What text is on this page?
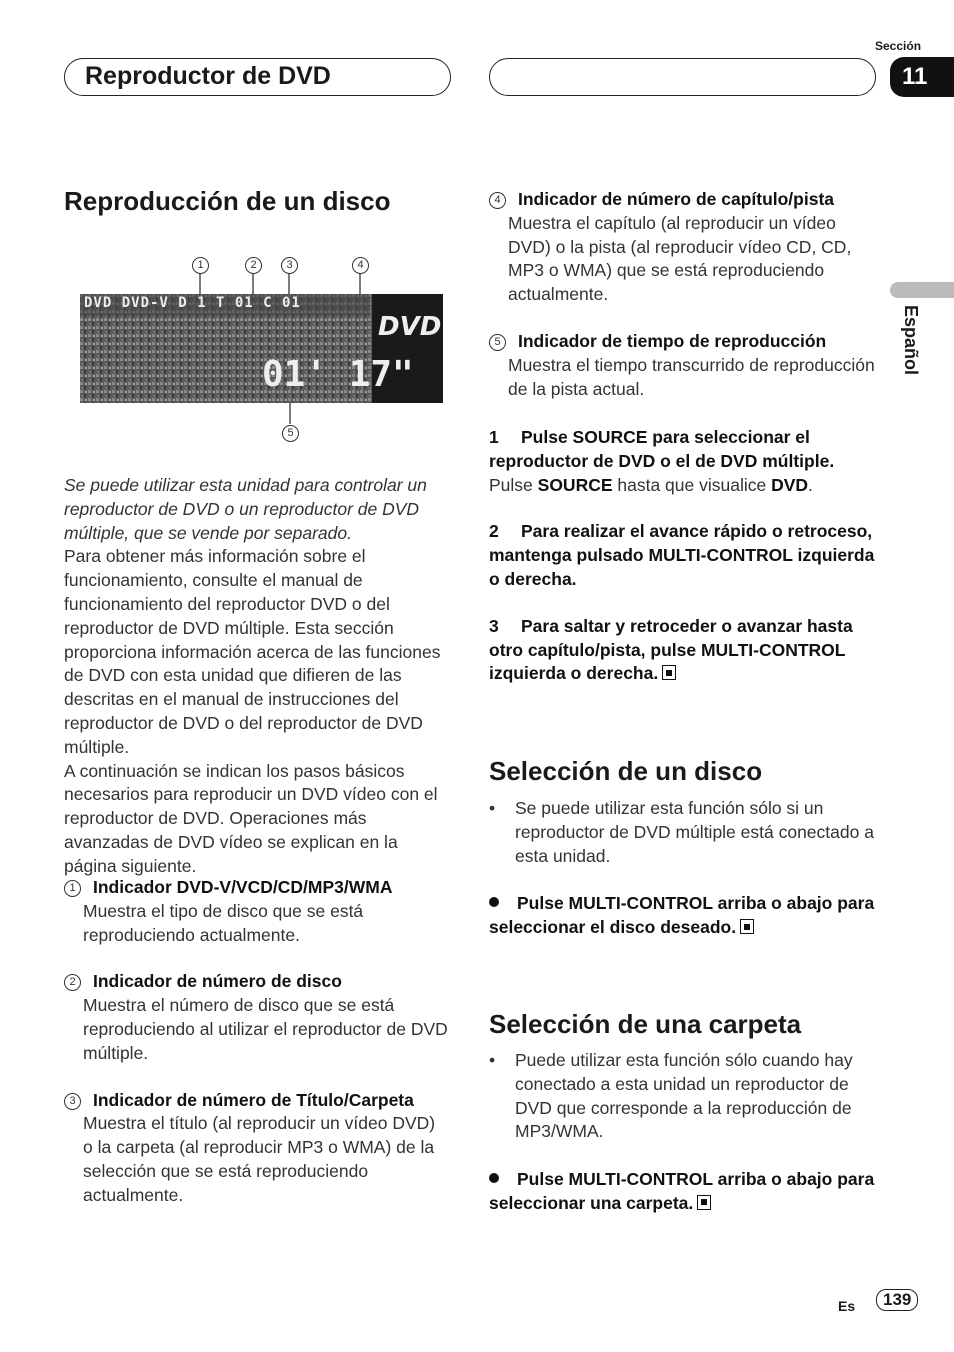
Reproductor de DVD
Sección
11
Español
Reproducción de un disco
1	2	3	4
5
DVD DVD-V D 1 T 01 C 01
01' 17"
DVD
Se puede utilizar esta unidad para controlar un reproductor de DVD o un reproductor de DVD múltiple, que se vende por separado.
Para obtener más información sobre el funcionamiento, consulte el manual de funcionamiento del reproductor DVD o del reproductor de DVD múltiple. Esta sección proporciona información acerca de las funciones de DVD con esta unidad que difieren de las descritas en el manual de instrucciones del reproductor de DVD o del reproductor de DVD múltiple.
A continuación se indican los pasos básicos necesarios para reproducir un DVD vídeo con el reproductor de DVD. Operaciones más avanzadas de DVD vídeo se explican en la página siguiente.
1 Indicador DVD-V/VCD/CD/MP3/WMA
Muestra el tipo de disco que se está reproduciendo actualmente.
2 Indicador de número de disco
Muestra el número de disco que se está reproduciendo al utilizar el reproductor de DVD múltiple.
3 Indicador de número de Título/Carpeta
Muestra el título (al reproducir un vídeo DVD) o la carpeta (al reproducir MP3 o WMA) de la selección que se está reproduciendo actualmente.
4 Indicador de número de capítulo/pista
Muestra el capítulo (al reproducir un vídeo DVD) o la pista (al reproducir vídeo CD, CD, MP3 o WMA) que se está reproduciendo actualmente.
5 Indicador de tiempo de reproducción
Muestra el tiempo transcurrido de reproducción de la pista actual.
1 Pulse SOURCE para seleccionar el reproductor de DVD o el de DVD múltiple.
Pulse SOURCE hasta que visualice DVD.
2 Para realizar el avance rápido o retroceso, mantenga pulsado MULTI-CONTROL izquierda o derecha.
3 Para saltar y retroceder o avanzar hasta otro capítulo/pista, pulse MULTI-CONTROL izquierda o derecha.
Selección de un disco
• Se puede utilizar esta función sólo si un reproductor de DVD múltiple está conectado a esta unidad.
Pulse MULTI-CONTROL arriba o abajo para seleccionar el disco deseado.
Selección de una carpeta
• Puede utilizar esta función sólo cuando hay conectado a esta unidad un reproductor de DVD que corresponde a la reproducción de MP3/WMA.
Pulse MULTI-CONTROL arriba o abajo para seleccionar una carpeta.
Es	139
